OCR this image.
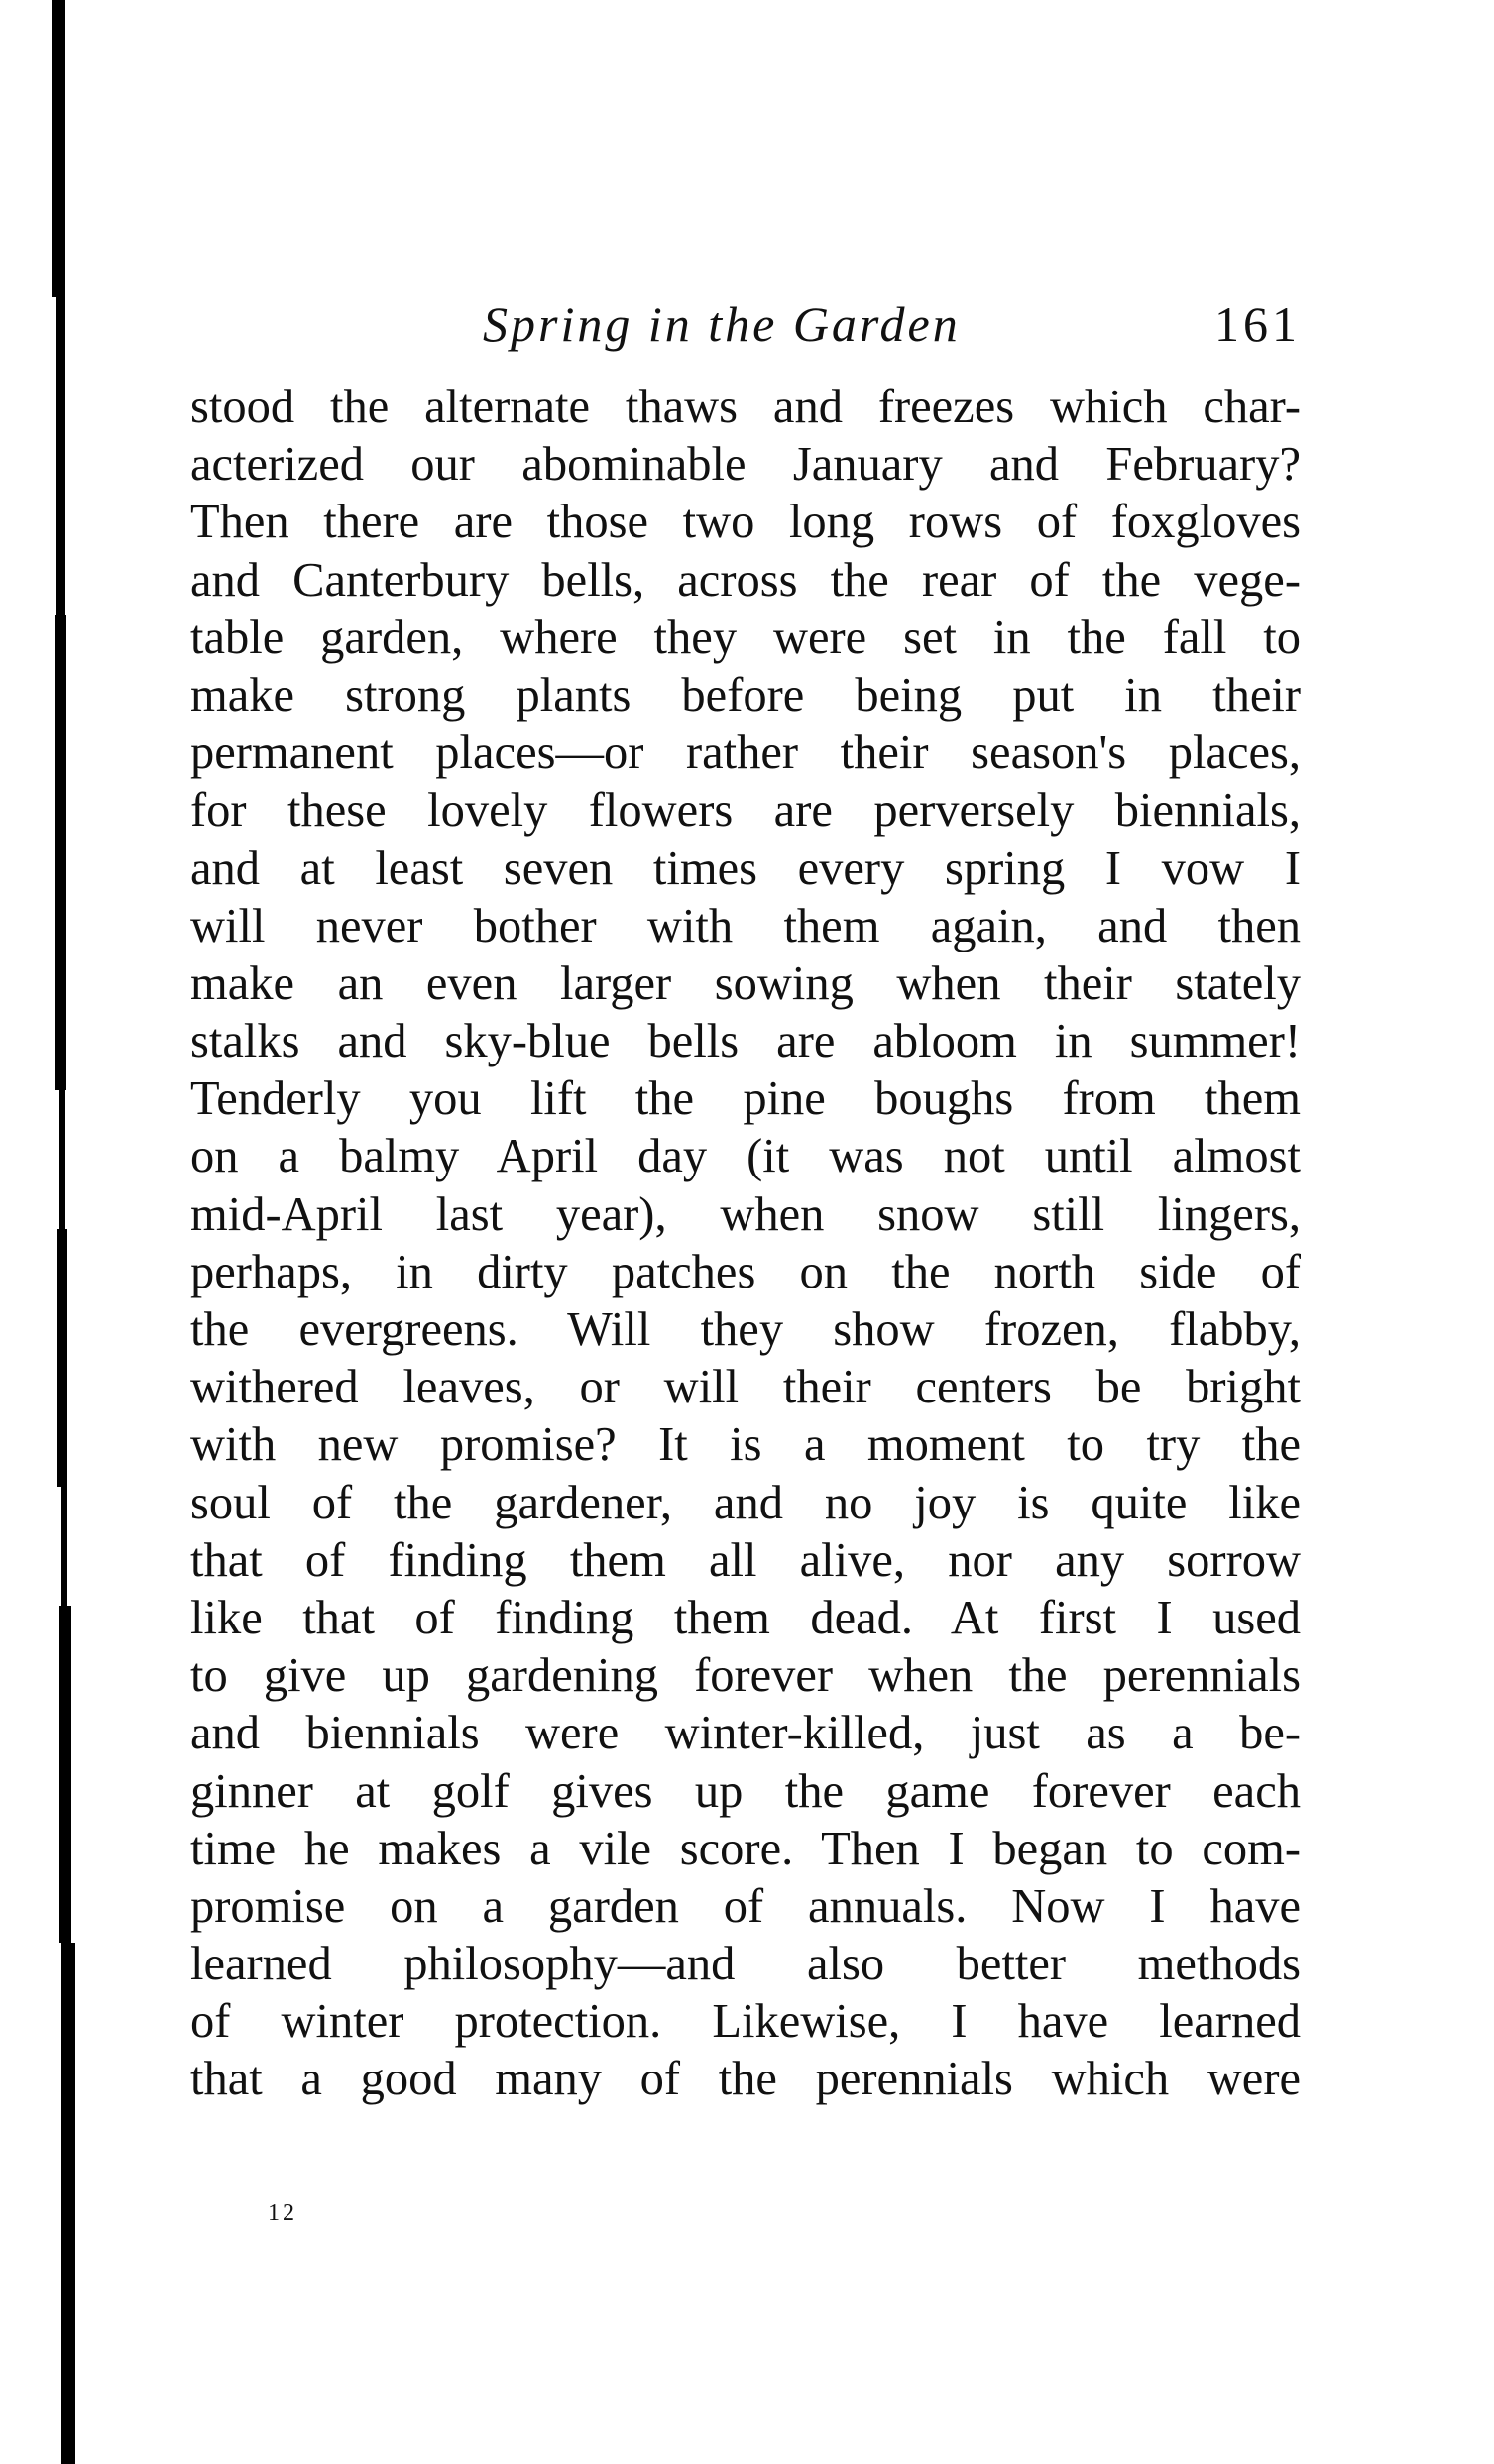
Spring in the Garden	161
stood the alternate thaws and freezes which char-
acterized our abominable January and February?
Then there are those two long rows of foxgloves
and Canterbury bells, across the rear of the vege-
table garden, where they were set in the fall to
make strong plants before being put in their
permanent places—or rather their season's places,
for these lovely flowers are perversely biennials,
and at least seven times every spring I vow I
will never bother with them again, and then
make an even larger sowing when their stately
stalks and sky-blue bells are abloom in summer!
Tenderly you lift the pine boughs from them
on a balmy April day (it was not until almost
mid-April last year), when snow still lingers,
perhaps, in dirty patches on the north side of
the evergreens. Will they show frozen, flabby,
withered leaves, or will their centers be bright
with new promise? It is a moment to try the
soul of the gardener, and no joy is quite like
that of finding them all alive, nor any sorrow
like that of finding them dead. At first I used
to give up gardening forever when the perennials
and biennials were winter-killed, just as a be-
ginner at golf gives up the game forever each
time he makes a vile score. Then I began to com-
promise on a garden of annuals. Now I have
learned philosophy—and also better methods
of winter protection. Likewise, I have learned
that a good many of the perennials which were
12
